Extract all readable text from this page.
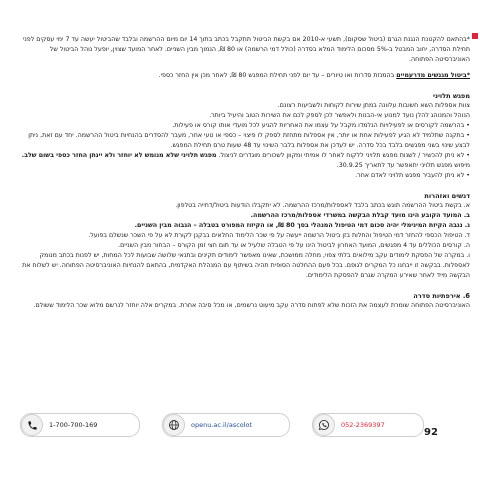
*בהתאם להקטנת הנגנת הגרם (ביטול שסקום), תשעי א-2010 אם בקשת הביטול תתקבל בכתב בתוך 14 יום מיום ההרשמה ובלבד שהביטול יעשה עד 7 ימי עסקים לפני תחילת הסדרה, יחוב המבטל ב-5% מסכום הלימוד המלא בסדרה (כולל דמי הרשמה) או 80 ₪, הנמוך מבין השניים. לאחר המועד שצוין, יופעל נוהל הביטול של האוניברסיטה הפתוחה.

*ביטול מגנשים מדרעמיים בהמנזת סדרות ואו טיורים – עד יום לפני תחילת המפגש 80 ₪, לאחר מכן אין החזר כספי.

מפגש תלויני

צוות אספלות השא חשובות עלוונה במתן שירות לקוחות ולשביעות רצונם.

הנוהל והמנוהג להלן נועד למנוע אי-הבנות ולאפשר לכן לספק לכם את השירות הטוב והיעיל ביותר.

• בהרשמה לקורסים או לפעילויות הנלמדו מקבל על עצמו את האחריות להגיע לכל מועדי אותו קורס או פעילות.

• בתקנה שתלמיד לא הגיע לפעילות אחת או יותר, אין אספלות מתחזת לספק לו פיצוי – כספי או טעי אחר, מעבר להסדרים בהנחיות ביטול ההרשמה. יחד עם זאת, ניתן לבצע שינוי בשני מפגשים בלבד בכל סדרה. יש לעדכן את אספלות בלבר השינוי עד 48 שעות טרם תחילת המפגש.

• לא ניתן להכשיר / לשנות מפגש תלויני ללקוח לאחר לו אמיתי ומקוון לשכורים מוגדרים לניצול. מפגש תלויני שלא מנומש לא יוחזר ולא יינתן החזר כספי בשום שלב.

מיפוש מפגש תלויני יתאפשר עד לתאריך 30.9.25.

• לא ניתן להעביר מפגש תלויני לאדם אחר.

דגשים ואזהרות

א. בקשת ביטול ההרשמה תוגש בכתב בלבד לאספלות/מרכז ההרשמה. לא יתקבלו הודעות ביטול/דחייה בטלפון.

ב. המועד הקובע הינו מועד קבלת הבקשה במשרדי אספלות/מרכז ההרשמה.

ג. נגבה הקיזת המינימלי יהיה סכום דמי הטיפול המנהלי בסך 80 ₪, או הקיזוז המפורט בטבלה – הגבוה מבין השניים.

ד. הטיפול הכספי להחזר דמי הטיפול והחלות בזן ביטול הרשמה ייעשה על פי שכר הלימוד החלאים בבקנן לקורת לא על פי השכר שנשלם בפועל.

ה. קורסים הכוללים עד 4 מפגשים, המועד האחרון לביטול הינו על פי הטבלה שלעיל או עד תום חצי זמן הקורס – הבחור מבין השניים.

ו. במקרה של הפסקת לימודים עקב מילואים בלתי צפוי, מחלה ממושכת, שאינו מאפשר לימודים תקינים ובתנאי שלושה שבועות לכל המחות, יש לפנות בכתב מנומק לאספלות. בבקשה זו ייבחנו כל המקרים לגופם. בכל פעם ההחלטה הסופית תהיה בשיתוף עם המנהלת האקדמית, בהתאם להנחיות האוניברסיטה הפתוחה. יש לשלוח את הבקשה מייד לאחר שאירע המקרה שגרם להפסקת הלימודים.

6. אירפתיות סדרה

האוניברסיטה הפתוחה שומרת לעצמה את הזכות שלא לפתוח סדרה עקב מיעוט נרשמים, או מכל סיבה אחרת. במקרים אלה יוחזר לנרשם מלוא שכר הלימוד ששולם.

1-700-700-169	openu.ac.il/ascolot	052-2369397
92
